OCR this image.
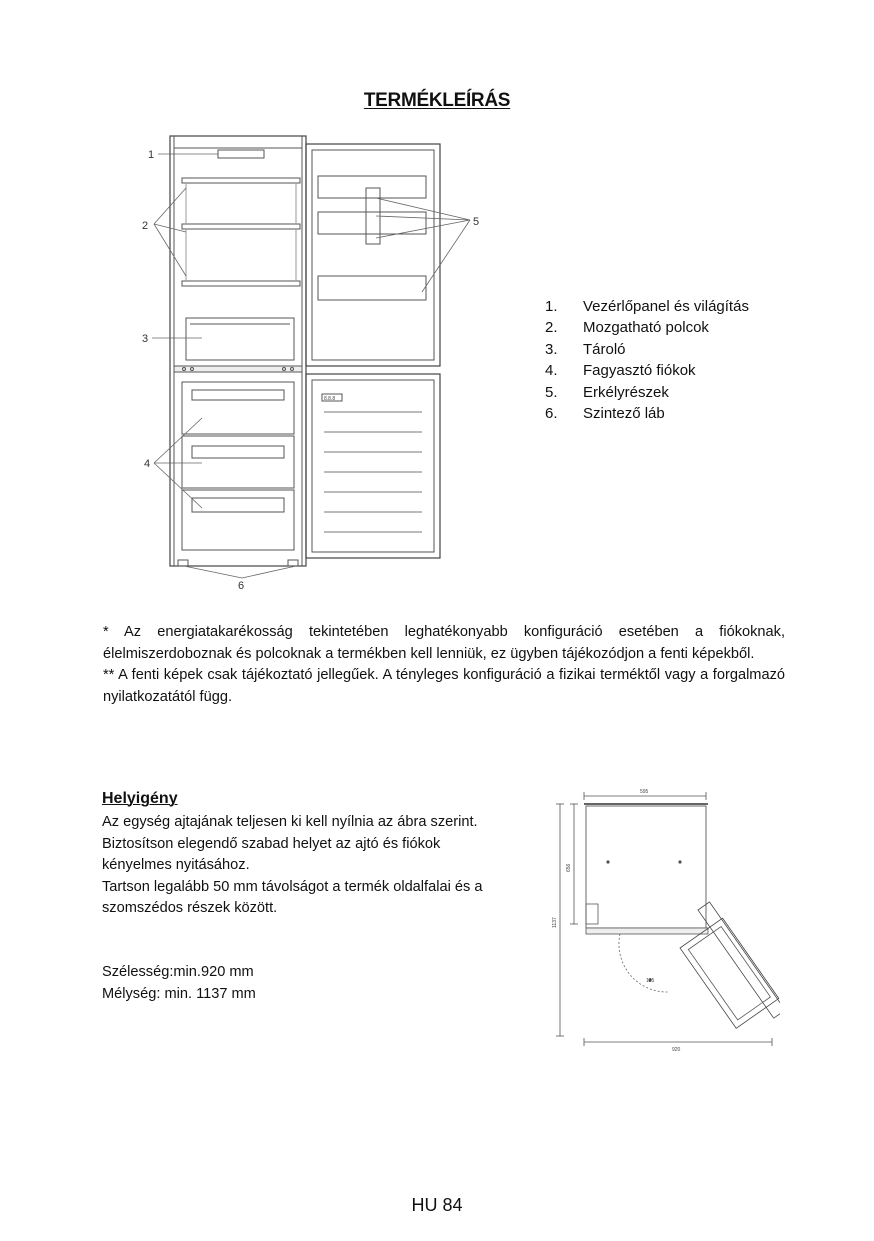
TERMÉKLEÍRÁS
8.8.8
1
2
3
4
5
6
1.	Vezérlőpanel és világítás
2.	Mozgatható polcok
3.	Tároló
4.	Fagyasztó fiókok
5.	Erkélyrészek
6.	Szintező láb
* Az energiatakarékosság tekintetében leghatékonyabb konfiguráció esetében a fiókoknak, élelmiszerdoboznak és polcoknak a termékben kell lenniük, ez ügyben tájékozódjon a fenti képekből.
** A fenti képek csak tájékoztató jellegűek. A tényleges konfiguráció a fizikai terméktől vagy a forgalmazó nyilatkozatától függ.
Helyigény
Az egység ajtajának teljesen ki kell nyílnia az ábra szerint.
Biztosítson elegendő szabad helyet az ajtó és fiókok
kényelmes nyitásához.
Tartson legalább 50 mm távolságot a termék oldalfalai és a
szomszédos részek között.
Szélesség:min.920 mm
Mélység: min. 1137 mm
595
920
1137
656
125
HU 84
